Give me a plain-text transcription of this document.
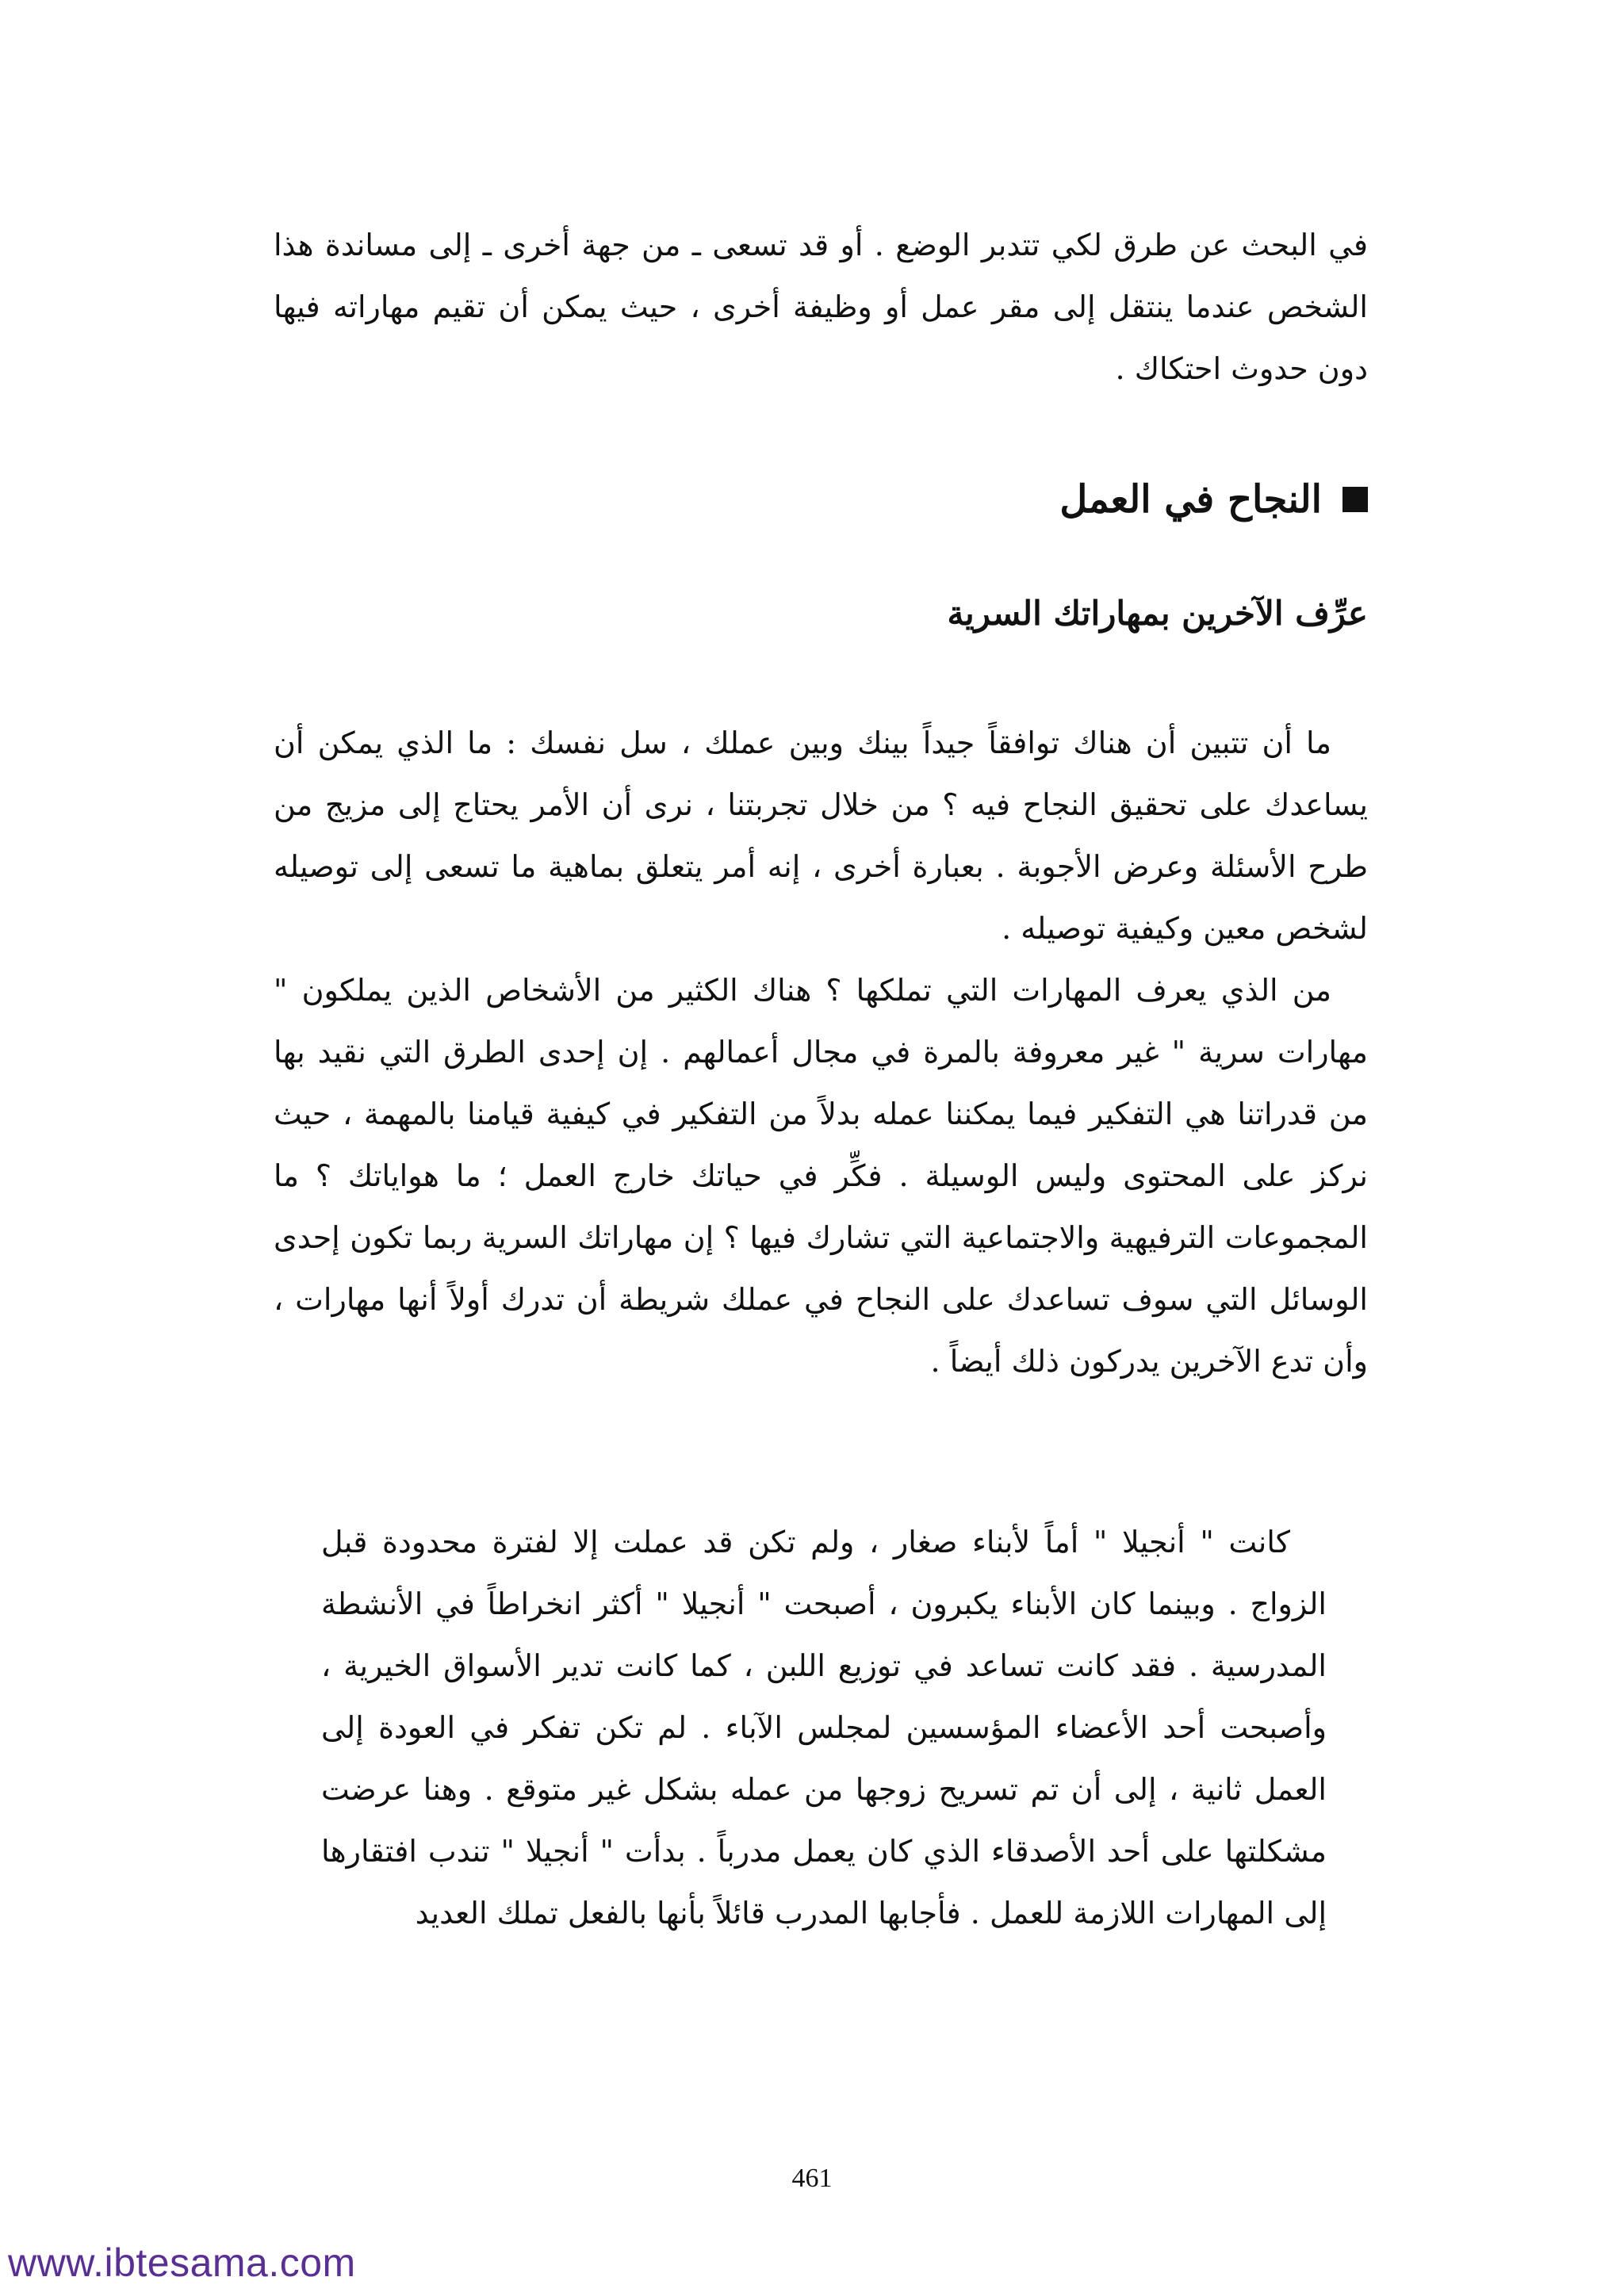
في البحث عن طرق لكي تتدبر الوضع . أو قد تسعى ـ من جهة أخرى ـ إلى مساندة هذا الشخص عندما ينتقل إلى مقر عمل أو وظيفة أخرى ، حيث يمكن أن تقيم مهاراته فيها دون حدوث احتكاك .

النجاح في العمل
عرِّف الآخرين بمهاراتك السرية

ما أن تتبين أن هناك توافقاً جيداً بينك وبين عملك ، سل نفسك : ما الذي يمكن أن يساعدك على تحقيق النجاح فيه ؟ من خلال تجربتنا ، نرى أن الأمر يحتاج إلى مزيج من طرح الأسئلة وعرض الأجوبة . بعبارة أخرى ، إنه أمر يتعلق بماهية ما تسعى إلى توصيله لشخص معين وكيفية توصيله .

من الذي يعرف المهارات التي تملكها ؟ هناك الكثير من الأشخاص الذين يملكون " مهارات سرية " غير معروفة بالمرة في مجال أعمالهم . إن إحدى الطرق التي نقيد بها من قدراتنا هي التفكير فيما يمكننا عمله بدلاً من التفكير في كيفية قيامنا بالمهمة ، حيث نركز على المحتوى وليس الوسيلة . فكِّر في حياتك خارج العمل ؛ ما هواياتك ؟ ما المجموعات الترفيهية والاجتماعية التي تشارك فيها ؟ إن مهاراتك السرية ربما تكون إحدى الوسائل التي سوف تساعدك على النجاح في عملك شريطة أن تدرك أولاً أنها مهارات ، وأن تدع الآخرين يدركون ذلك أيضاً .

كانت " أنجيلا " أماً لأبناء صغار ، ولم تكن قد عملت إلا لفترة محدودة قبل الزواج . وبينما كان الأبناء يكبرون ، أصبحت " أنجيلا " أكثر انخراطاً في الأنشطة المدرسية . فقد كانت تساعد في توزيع اللبن ، كما كانت تدير الأسواق الخيرية ، وأصبحت أحد الأعضاء المؤسسين لمجلس الآباء . لم تكن تفكر في العودة إلى العمل ثانية ، إلى أن تم تسريح زوجها من عمله بشكل غير متوقع . وهنا عرضت مشكلتها على أحد الأصدقاء الذي كان يعمل مدرباً . بدأت " أنجيلا " تندب افتقارها إلى المهارات اللازمة للعمل . فأجابها المدرب قائلاً بأنها بالفعل تملك العديد

461
www.ibtesama.com
